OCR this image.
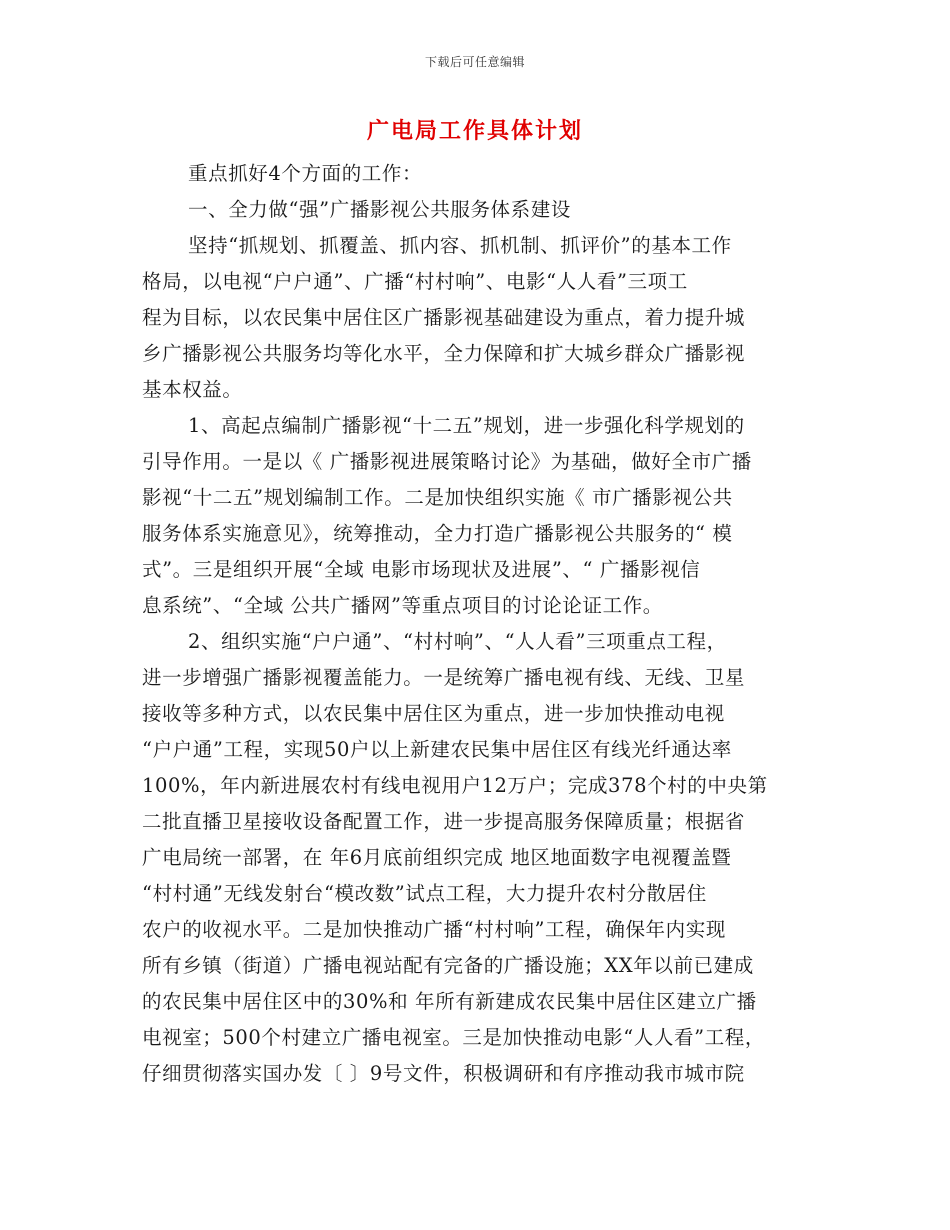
下载后可任意编辑
广电局工作具体计划
重点抓好4个方面的工作：
一、全力做“强”广播影视公共服务体系建设
坚持“抓规划、抓覆盖、抓内容、抓机制、抓评价”的基本工作
格局，以电视“户户通”、广播“村村响”、电影“人人看”三项工
程为目标，以农民集中居住区广播影视基础建设为重点，着力提升城
乡广播影视公共服务均等化水平，全力保障和扩大城乡群众广播影视
基本权益。
1、高起点编制广播影视“十二五”规划，进一步强化科学规划的
引导作用。一是以《 广播影视进展策略讨论》为基础，做好全市广播
影视“十二五”规划编制工作。二是加快组织实施《 市广播影视公共
服务体系实施意见》，统筹推动，全力打造广播影视公共服务的“ 模
式”。三是组织开展“全域 电影市场现状及进展”、“ 广播影视信
息系统”、“全域 公共广播网”等重点项目的讨论论证工作。
2、组织实施“户户通”、“村村响”、“人人看”三项重点工程，
进一步增强广播影视覆盖能力。一是统筹广播电视有线、无线、卫星
接收等多种方式，以农民集中居住区为重点，进一步加快推动电视
“户户通”工程，实现50户以上新建农民集中居住区有线光纤通达率
100%，年内新进展农村有线电视用户12万户；完成378个村的中央第
二批直播卫星接收设备配置工作，进一步提高服务保障质量；根据省
广电局统一部署，在 年6月底前组织完成 地区地面数字电视覆盖暨
“村村通”无线发射台“模改数”试点工程，大力提升农村分散居住
农户的收视水平。二是加快推动广播“村村响”工程，确保年内实现
所有乡镇（街道）广播电视站配有完备的广播设施；XX年以前已建成
的农民集中居住区中的30%和 年所有新建成农民集中居住区建立广播
电视室；500个村建立广播电视室。三是加快推动电影“人人看”工程，
仔细贯彻落实国办发〔 〕9号文件，积极调研和有序推动我市城市院
